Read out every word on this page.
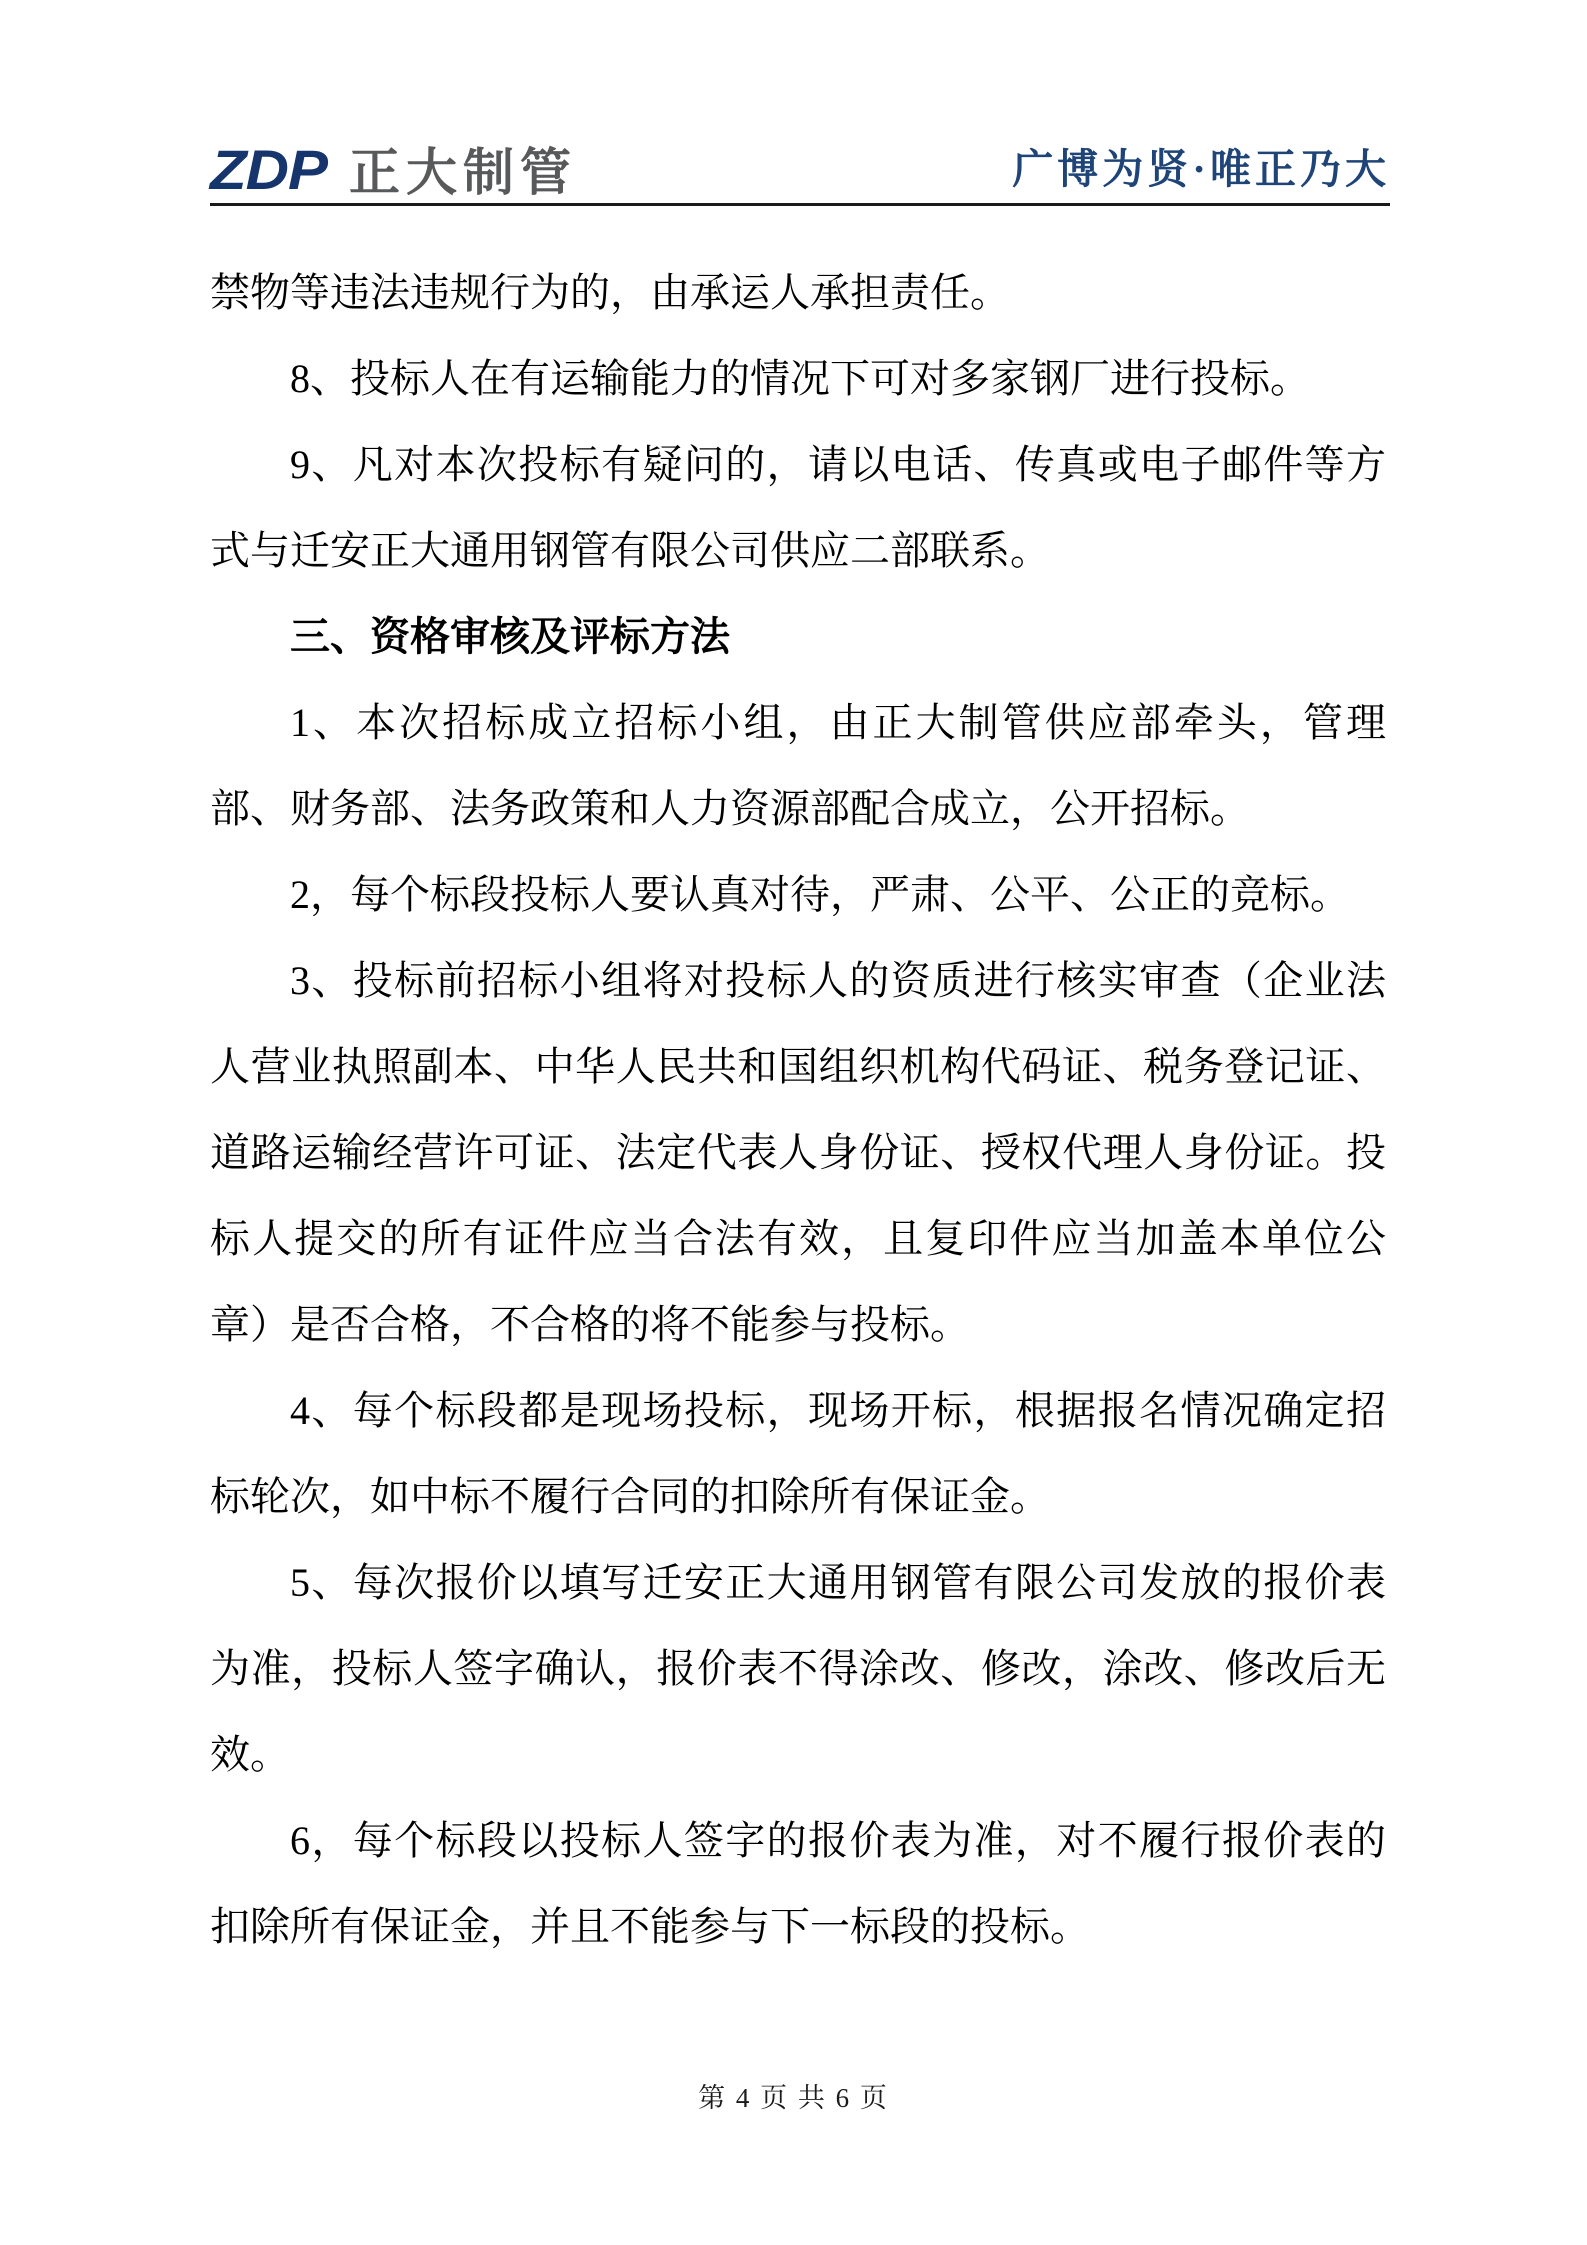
ZDP 正大制管	广博为贤·唯正乃大

禁物等违法违规行为的，由承运人承担责任。

8、投标人在有运输能力的情况下可对多家钢厂进行投标。

9、凡对本次投标有疑问的，请以电话、传真或电子邮件等方式与迁安正大通用钢管有限公司供应二部联系。

三、资格审核及评标方法

1、本次招标成立招标小组，由正大制管供应部牵头，管理部、财务部、法务政策和人力资源部配合成立，公开招标。

2，每个标段投标人要认真对待，严肃、公平、公正的竞标。

3、投标前招标小组将对投标人的资质进行核实审查（企业法人营业执照副本、中华人民共和国组织机构代码证、税务登记证、道路运输经营许可证、法定代表人身份证、授权代理人身份证。投标人提交的所有证件应当合法有效，且复印件应当加盖本单位公章）是否合格，不合格的将不能参与投标。

4、每个标段都是现场投标，现场开标，根据报名情况确定招标轮次，如中标不履行合同的扣除所有保证金。

5、每次报价以填写迁安正大通用钢管有限公司发放的报价表为准，投标人签字确认，报价表不得涂改、修改，涂改、修改后无效。

6，每个标段以投标人签字的报价表为准，对不履行报价表的扣除所有保证金，并且不能参与下一标段的投标。

第 4 页 共 6 页
